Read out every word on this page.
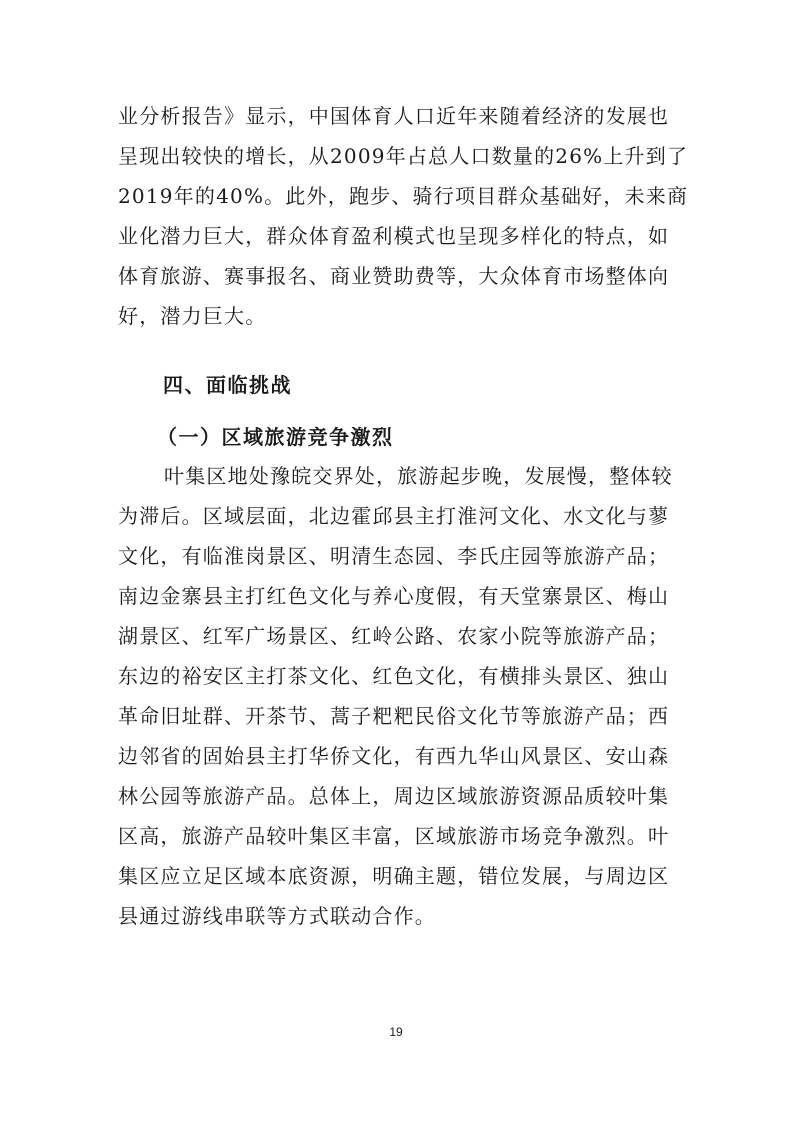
业分析报告》显示，中国体育人口近年来随着经济的发展也
呈现出较快的增长，从2009年占总人口数量的26%上升到了
2019年的40%。此外，跑步、骑行项目群众基础好，未来商
业化潜力巨大，群众体育盈利模式也呈现多样化的特点，如
体育旅游、赛事报名、商业赞助费等，大众体育市场整体向
好，潜力巨大。
四、面临挑战
（一）区域旅游竞争激烈
叶集区地处豫皖交界处，旅游起步晚，发展慢，整体较
为滞后。区域层面，北边霍邱县主打淮河文化、水文化与蓼
文化，有临淮岗景区、明清生态园、李氏庄园等旅游产品；
南边金寨县主打红色文化与养心度假，有天堂寨景区、梅山
湖景区、红军广场景区、红岭公路、农家小院等旅游产品；
东边的裕安区主打茶文化、红色文化，有横排头景区、独山
革命旧址群、开茶节、蒿子粑粑民俗文化节等旅游产品；西
边邻省的固始县主打华侨文化，有西九华山风景区、安山森
林公园等旅游产品。总体上，周边区域旅游资源品质较叶集
区高，旅游产品较叶集区丰富，区域旅游市场竞争激烈。叶
集区应立足区域本底资源，明确主题，错位发展，与周边区
县通过游线串联等方式联动合作。
19
